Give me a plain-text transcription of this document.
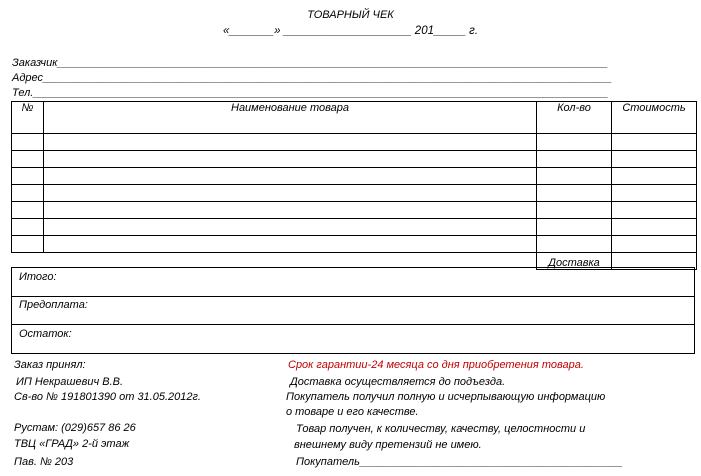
ТОВАРНЫЙ ЧЕК
«_______» ____________________ 201_____ г.
Заказчик__________________________________________________________________________________________
Адрес_____________________________________________________________________________________________
Тел.______________________________________________________________________________________________
№	Наименование товара	Кол-во	Стоимость

		Доставка	
Итого:
Предоплата:
Остаток:
Заказ принял:
ИП Некрашевич В.В.
Св-во № 191801390 от 31.05.2012г.
Рустам: (029)657 86 26
ТВЦ «ГРАД» 2-й этаж
Пав. № 203
Срок гарантии-24 месяца со дня приобретения товара.
Доставка осуществляется до подъезда.
Покупатель получил полную и исчерпывающую информацию
о товаре и его качестве.
Товар получен, к количеству, качеству, целостности и
внешнему виду претензий не имею.
Покупатель___________________________________________
